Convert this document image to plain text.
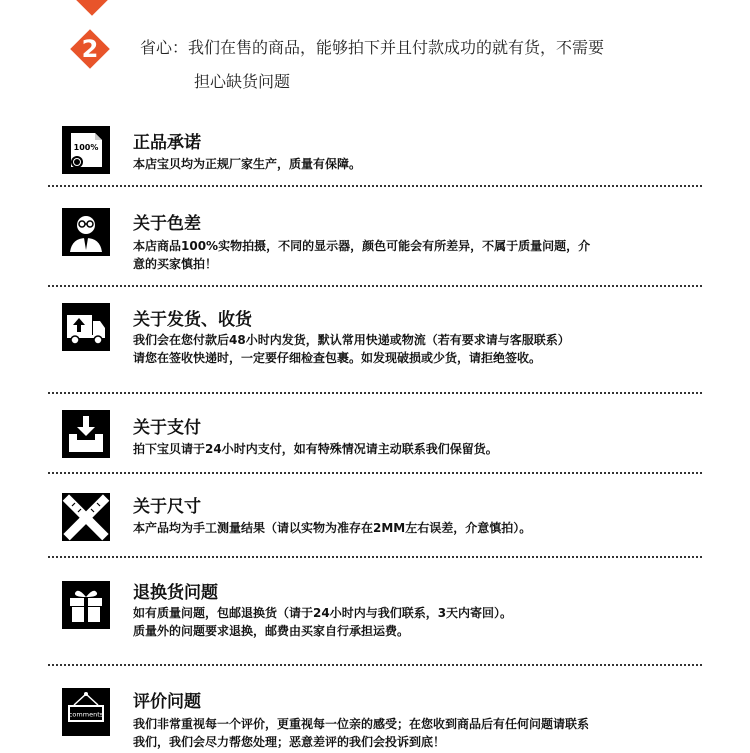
2	省心：我们在售的商品，能够拍下并且付款成功的就有货，不需要
担心缺货问题
100% 正品承诺
本店宝贝均为正规厂家生产，质量有保障。
关于色差
本店商品100%实物拍摄，不同的显示器，颜色可能会有所差异，不属于质量问题，介
意的买家慎拍！
关于发货、收货
我们会在您付款后48小时内发货，默认常用快递或物流（若有要求请与客服联系）
请您在签收快递时，一定要仔细检查包裹。如发现破损或少货，请拒绝签收。
关于支付
拍下宝贝请于24小时内支付，如有特殊情况请主动联系我们保留货。
关于尺寸
本产品均为手工测量结果（请以实物为准存在2MM左右误差，介意慎拍）。
退换货问题
如有质量问题，包邮退换货（请于24小时内与我们联系，3天内寄回）。
质量外的问题要求退换，邮费由买家自行承担运费。
comments
评价问题
我们非常重视每一个评价，更重视每一位亲的感受；在您收到商品后有任何问题请联系
我们，我们会尽力帮您处理；恶意差评的我们会投诉到底！
